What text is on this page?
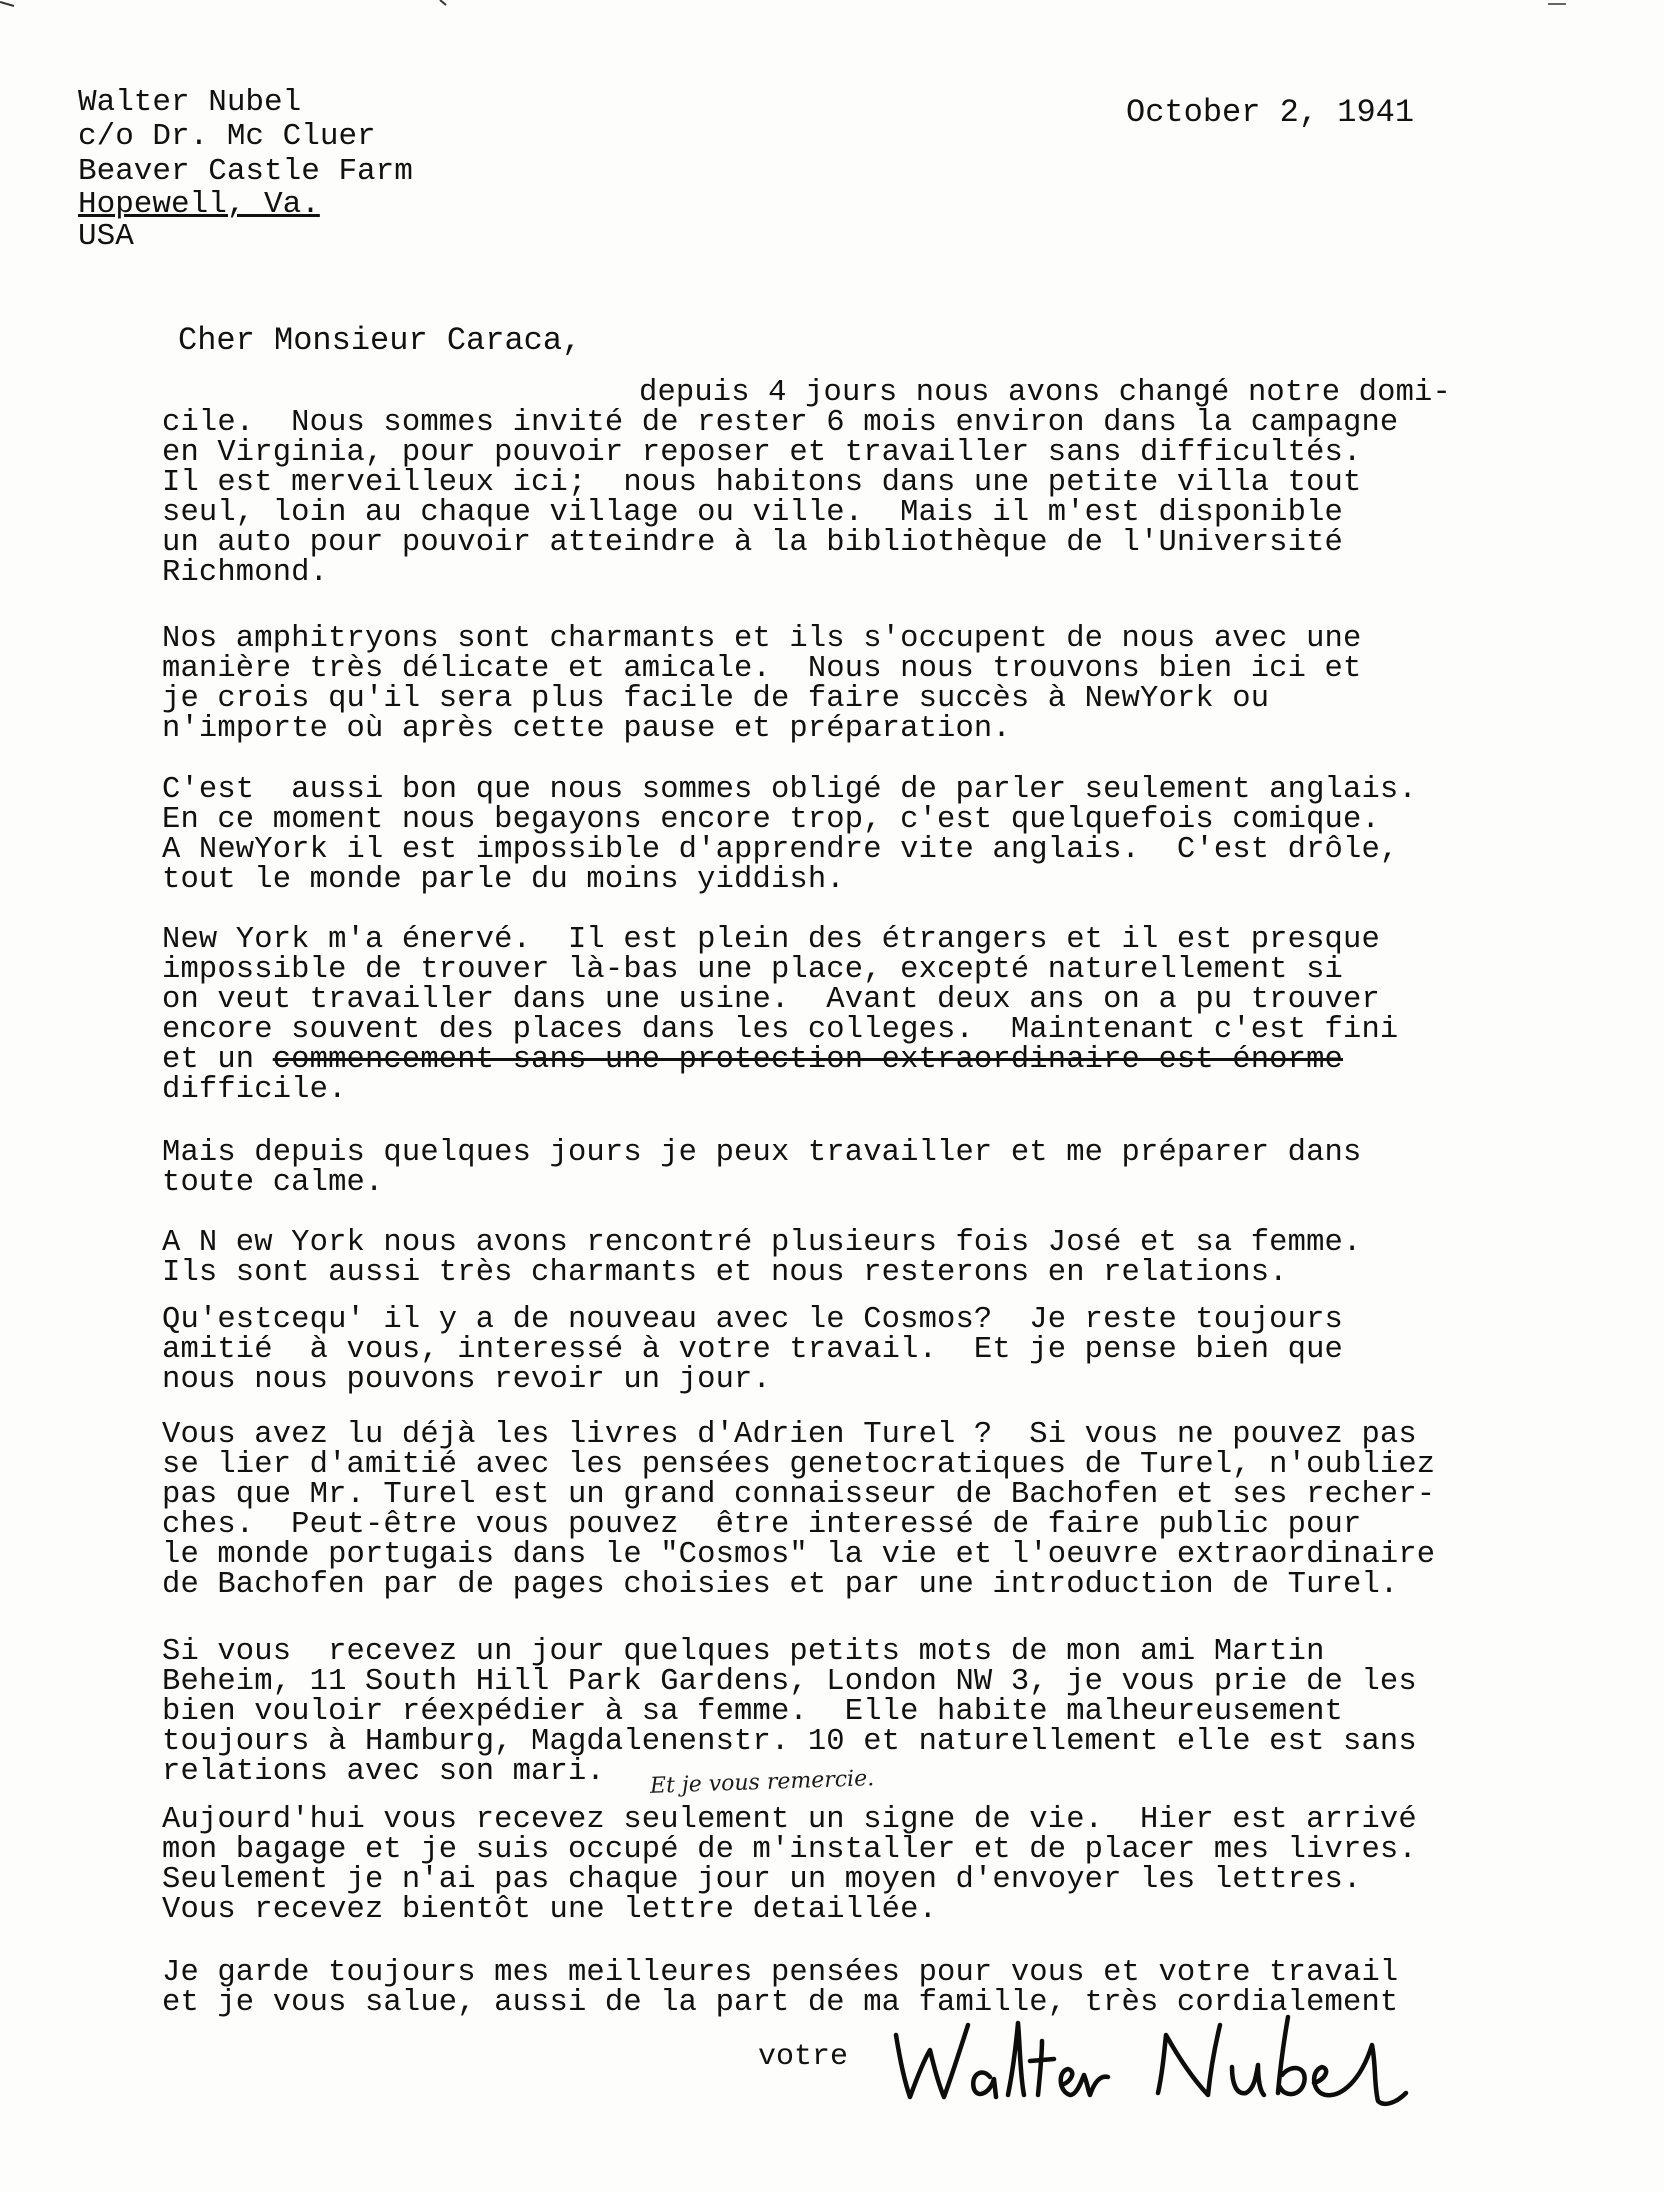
Walter Nubel
c/o Dr. Mc Cluer
Beaver Castle Farm
Hopewell, Va.
USA
October 2, 1941
Cher Monsieur Caraca,
depuis 4 jours nous avons changé notre domi-
cile.  Nous sommes invité de rester 6 mois environ dans la campagne
en Virginia, pour pouvoir reposer et travailler sans difficultés.
Il est merveilleux ici;  nous habitons dans une petite villa tout
seul, loin au chaque village ou ville.  Mais il m'est disponible
un auto pour pouvoir atteindre à la bibliothèque de l'Université
Richmond.
Nos amphitryons sont charmants et ils s'occupent de nous avec une
manière très délicate et amicale.  Nous nous trouvons bien ici et
je crois qu'il sera plus facile de faire succès à NewYork ou
n'importe où après cette pause et préparation.
C'est  aussi bon que nous sommes obligé de parler seulement anglais.
En ce moment nous begayons encore trop, c'est quelquefois comique.
A NewYork il est impossible d'apprendre vite anglais.  C'est drôle,
tout le monde parle du moins yiddish.
New York m'a énervé.  Il est plein des étrangers et il est presque
impossible de trouver là-bas une place, excepté naturellement si
on veut travailler dans une usine.  Avant deux ans on a pu trouver
encore souvent des places dans les colleges.  Maintenant c'est fini
et un commencement sans une protection extraordinaire est énorme
difficile.
Mais depuis quelques jours je peux travailler et me préparer dans
toute calme.
A N ew York nous avons rencontré plusieurs fois José et sa femme.
Ils sont aussi très charmants et nous resterons en relations.
Qu'estcequ' il y a de nouveau avec le Cosmos?  Je reste toujours
amitié  à vous, interessé à votre travail.  Et je pense bien que
nous nous pouvons revoir un jour.
Vous avez lu déjà les livres d'Adrien Turel ?  Si vous ne pouvez pas
se lier d'amitié avec les pensées genetocratiques de Turel, n'oubliez
pas que Mr. Turel est un grand connaisseur de Bachofen et ses recher-
ches.  Peut-être vous pouvez  être interessé de faire public pour
le monde portugais dans le "Cosmos" la vie et l'oeuvre extraordinaire
de Bachofen par de pages choisies et par une introduction de Turel.
Si vous  recevez un jour quelques petits mots de mon ami Martin
Beheim, 11 South Hill Park Gardens, London NW 3, je vous prie de les
bien vouloir réexpédier à sa femme.  Elle habite malheureusement
toujours à Hamburg, Magdalenenstr. 10 et naturellement elle est sans
relations avec son mari.	Et je vous remercie.
Aujourd'hui vous recevez seulement un signe de vie.  Hier est arrivé
mon bagage et je suis occupé de m'installer et de placer mes livres.
Seulement je n'ai pas chaque jour un moyen d'envoyer les lettres.
Vous recevez bientôt une lettre detaillée.
Je garde toujours mes meilleures pensées pour vous et votre travail
et je vous salue, aussi de la part de ma famille, très cordialement
votre
